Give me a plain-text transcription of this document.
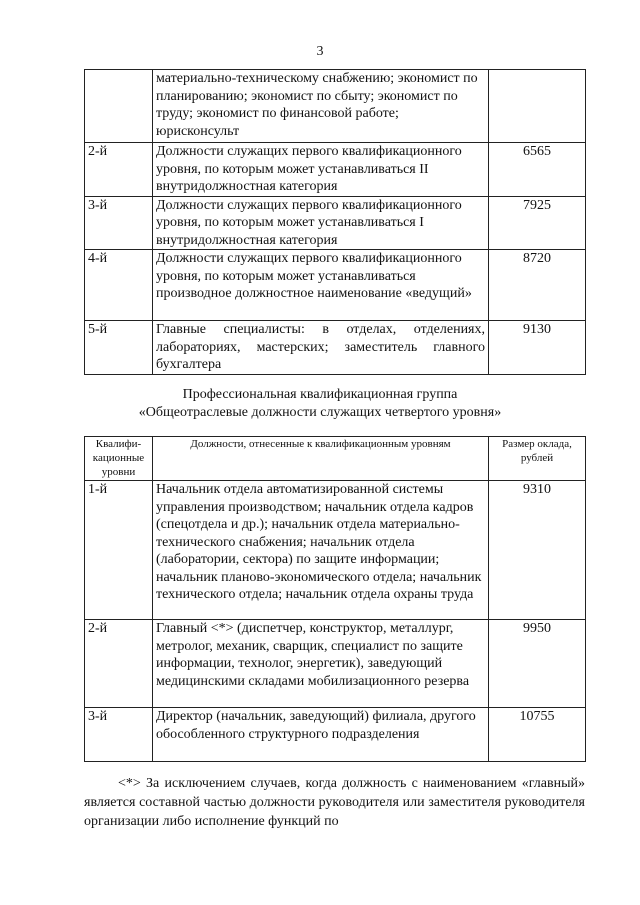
3
	материально-техническому снабжению; экономист по планированию; экономист по сбыту; экономист по труду; экономист по финансовой работе; юрисконсульт	
2-й	Должности служащих первого квалификационного уровня, по которым может устанавливаться II внутридолжностная категория	6565
3-й	Должности служащих первого квалификационного уровня, по которым может устанавливаться I внутридолжностная категория	7925
4-й	Должности служащих первого квалификационного уровня, по которым может устанавливаться производное должностное наименование «ведущий»	8720
5-й	Главные специалисты: в отделах, отделениях, лабораториях, мастерских; заместитель главного бухгалтера	9130
Профессиональная квалификационная группа
«Общеотраслевые должности служащих четвертого уровня»
Квалифи-кационные уровни	Должности, отнесенные к квалификационным уровням	Размер оклада, рублей
1-й	Начальник отдела автоматизированной системы управления производством; начальник отдела кадров (спецотдела и др.); начальник отдела материально-технического снабжения; начальник отдела (лаборатории, сектора) по защите информации; начальник планово-экономического отдела; начальник технического отдела; начальник отдела охраны труда	9310
2-й	Главный <*> (диспетчер, конструктор, металлург, метролог, механик, сварщик, специалист по защите информации, технолог, энергетик), заведующий медицинскими складами мобилизационного резерва	9950
3-й	Директор (начальник, заведующий) филиала, другого обособленного структурного подразделения	10755
<*> За исключением случаев, когда должность с наименованием «главный» является составной частью должности руководителя или заместителя руководителя организации либо исполнение функций по
